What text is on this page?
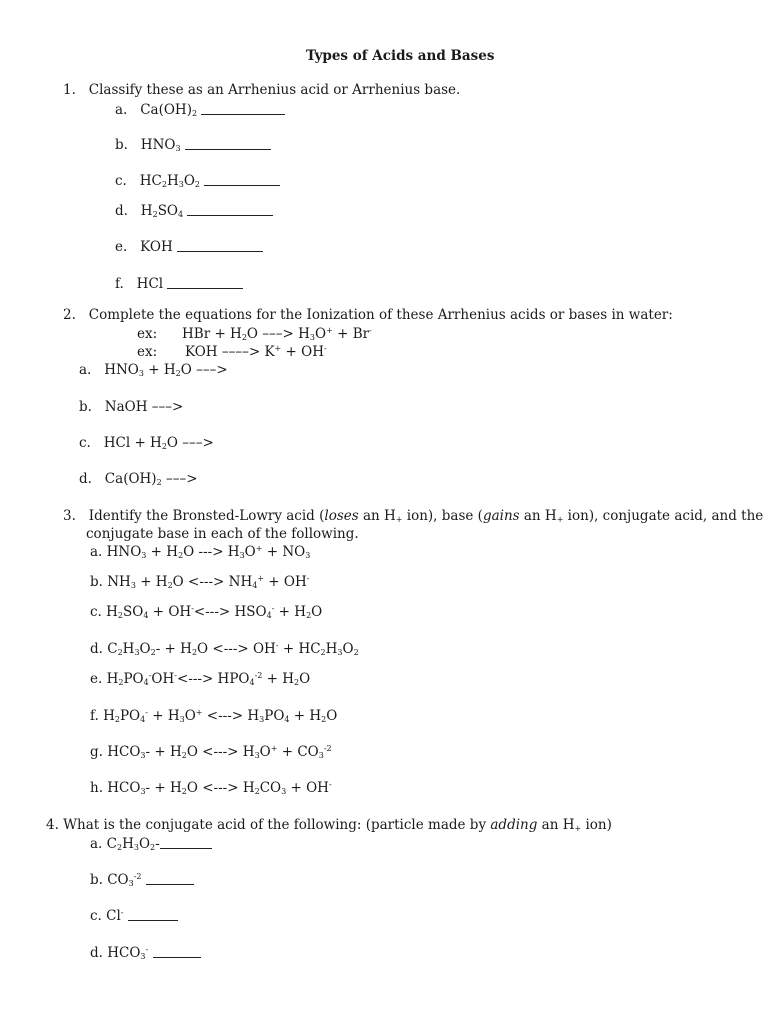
Types of Acids and Bases
1. Classify these as an Arrhenius acid or Arrhenius base.
a.   $Ca(OH)_2$
b.   $HNO_3$
c.   $HC_2H_3O_2$
d.   $H_2SO_4$
e.   KOH
f.   HCl
2. Complete the equations for the Ionization of these Arrhenius acids or bases in water:
ex: HBr + $H_2O$ –––> $H_3O^+ + Br^-$
ex: KOH ––––> K+ + OH-
a.   $HNO_3 + H_2O$ –––>
b.   NaOH –––>
c.   HCl + $H_2O$ –––>
d.   $Ca(OH)_2$ –––>
3. Identify the Bronsted-Lowry acid (loses an $H_+$ ion), base (gains an $H_+$ ion), conjugate acid, and the
conjugate base in each of the following.
a. $HNO_3 + H_2O$ ---> $H_3O^+ + NO_3$
b. $NH_3 + H_2O$ <---> $NH_4^+ + OH^-$
c. $H_2SO_4 + OH^-<---> HSO_4^- + H_2O$
d. $C_2H_3O_2- + H_2O$ <---> $OH^- + HC_2H_3O_2$
e. $H_2PO_4^-OH^-<---> HPO_4^{-2} + H_2O$
f. $H_2PO_4^- + H_3O^+$ <---> $H_3PO_4 + H_2O$
g. $HCO_3- + H_2O$ <---> $H_3O^+ + CO_3^{-2}$
h. $HCO_3- + H_2O$ <---> $H_2CO_3 + OH^-$
4. What is the conjugate acid of the following: (particle made by adding an $H_+$ ion)
a. $C_2H_3O_2-$
b. $CO_3^{-2}$
c. Cl-
d. $HCO_3^-$
